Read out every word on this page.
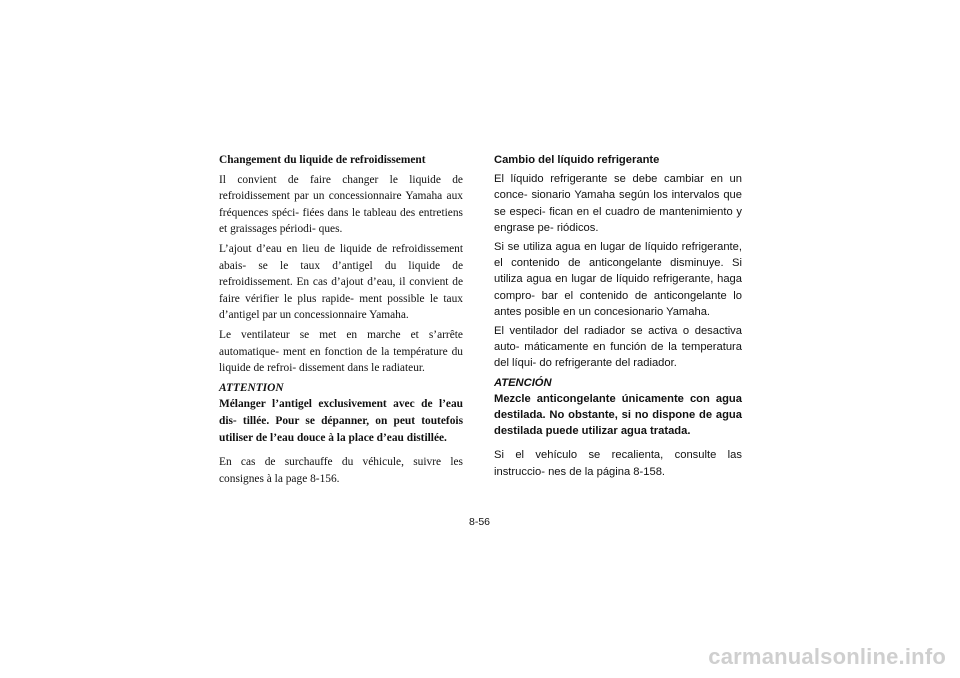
Changement du liquide de refroidissement

Il convient de faire changer le liquide de refroidissement par un concessionnaire Yamaha aux fréquences spéci- fiées dans le tableau des entretiens et graissages périodi- ques.

L’ajout d’eau en lieu de liquide de refroidissement abais- se le taux d’antigel du liquide de refroidissement. En cas d’ajout d’eau, il convient de faire vérifier le plus rapide- ment possible le taux d’antigel par un concessionnaire Yamaha.

Le ventilateur se met en marche et s’arrête automatique- ment en fonction de la température du liquide de refroi- dissement dans le radiateur.

ATTENTION
Mélanger l’antigel exclusivement avec de l’eau dis- tillée. Pour se dépanner, on peut toutefois utiliser de l’eau douce à la place d’eau distillée.

En cas de surchauffe du véhicule, suivre les consignes à la page 8-156.

Cambio del líquido refrigerante

El líquido refrigerante se debe cambiar en un conce- sionario Yamaha según los intervalos que se especi- fican en el cuadro de mantenimiento y engrase pe- riódicos.

Si se utiliza agua en lugar de líquido refrigerante, el contenido de anticongelante disminuye. Si utiliza agua en lugar de líquido refrigerante, haga compro- bar el contenido de anticongelante lo antes posible en un concesionario Yamaha.

El ventilador del radiador se activa o desactiva auto- máticamente en función de la temperatura del líqui- do refrigerante del radiador.

ATENCIÓN
Mezcle anticongelante únicamente con agua destilada. No obstante, si no dispone de agua destilada puede utilizar agua tratada.

Si el vehículo se recalienta, consulte las instruccio- nes de la página 8-158.

8-56
carmanualsonline.info
